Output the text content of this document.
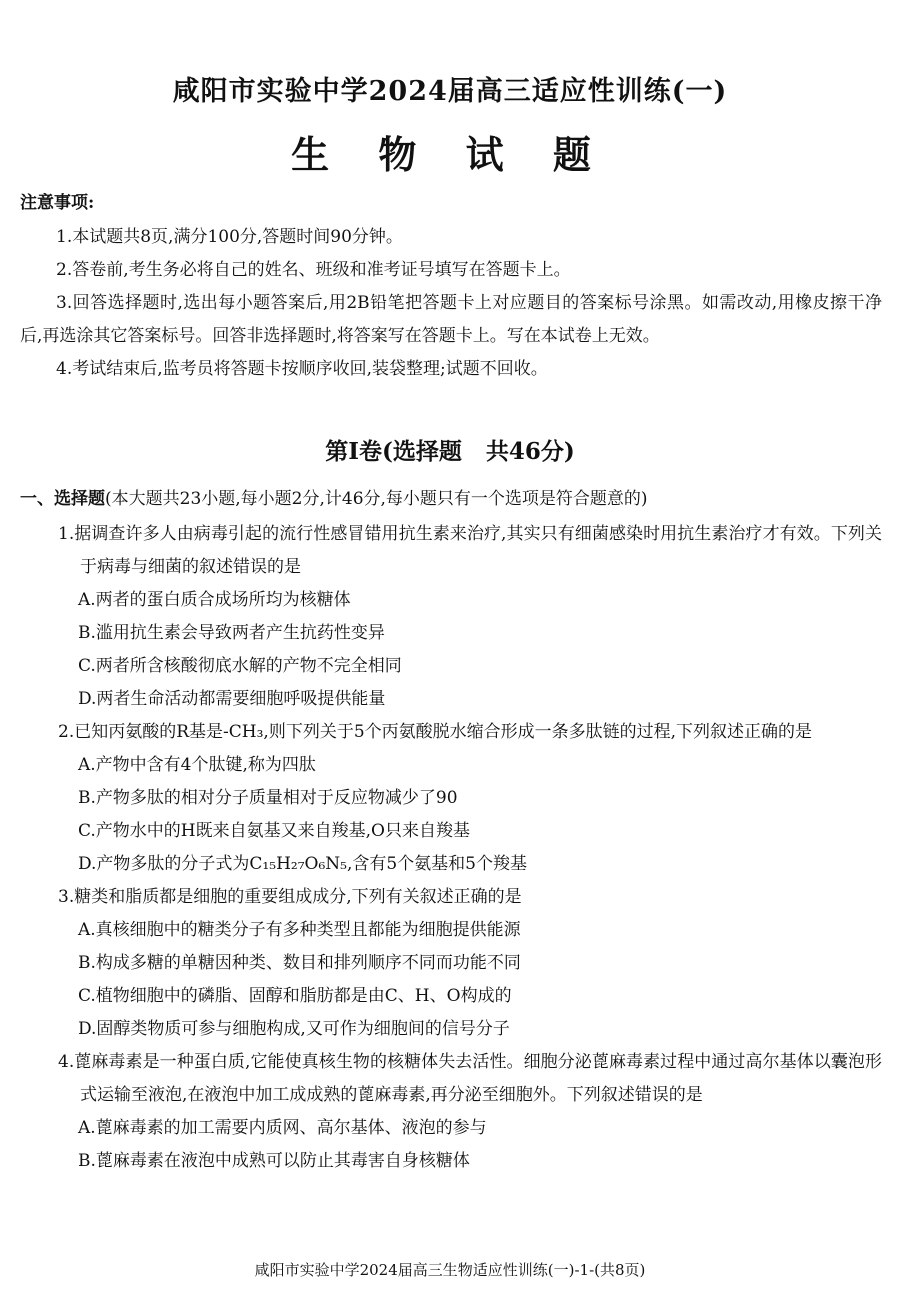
咸阳市实验中学2024届高三适应性训练(一)
生 物 试 题
注意事项:
1.本试题共8页,满分100分,答题时间90分钟。
2.答卷前,考生务必将自己的姓名、班级和准考证号填写在答题卡上。
3.回答选择题时,选出每小题答案后,用2B铅笔把答题卡上对应题目的答案标号涂黑。如需改动,用橡皮擦干净后,再选涂其它答案标号。回答非选择题时,将答案写在答题卡上。写在本试卷上无效。
4.考试结束后,监考员将答题卡按顺序收回,装袋整理;试题不回收。
第Ⅰ卷(选择题   共46分)
一、选择题(本大题共23小题,每小题2分,计46分,每小题只有一个选项是符合题意的)
1.据调查许多人由病毒引起的流行性感冒错用抗生素来治疗,其实只有细菌感染时用抗生素治疗才有效。下列关于病毒与细菌的叙述错误的是
A.两者的蛋白质合成场所均为核糖体
B.滥用抗生素会导致两者产生抗药性变异
C.两者所含核酸彻底水解的产物不完全相同
D.两者生命活动都需要细胞呼吸提供能量
2.已知丙氨酸的R基是-CH₃,则下列关于5个丙氨酸脱水缩合形成一条多肽链的过程,下列叙述正确的是
A.产物中含有4个肽键,称为四肽
B.产物多肽的相对分子质量相对于反应物减少了90
C.产物水中的H既来自氨基又来自羧基,O只来自羧基
D.产物多肽的分子式为C₁₅H₂₇O₆N₅,含有5个氨基和5个羧基
3.糖类和脂质都是细胞的重要组成成分,下列有关叙述正确的是
A.真核细胞中的糖类分子有多种类型且都能为细胞提供能源
B.构成多糖的单糖因种类、数目和排列顺序不同而功能不同
C.植物细胞中的磷脂、固醇和脂肪都是由C、H、O构成的
D.固醇类物质可参与细胞构成,又可作为细胞间的信号分子
4.蓖麻毒素是一种蛋白质,它能使真核生物的核糖体失去活性。细胞分泌蓖麻毒素过程中通过高尔基体以囊泡形式运输至液泡,在液泡中加工成成熟的蓖麻毒素,再分泌至细胞外。下列叙述错误的是
A.蓖麻毒素的加工需要内质网、高尔基体、液泡的参与
B.蓖麻毒素在液泡中成熟可以防止其毒害自身核糖体
咸阳市实验中学2024届高三生物适应性训练(一)-1-(共8页)
